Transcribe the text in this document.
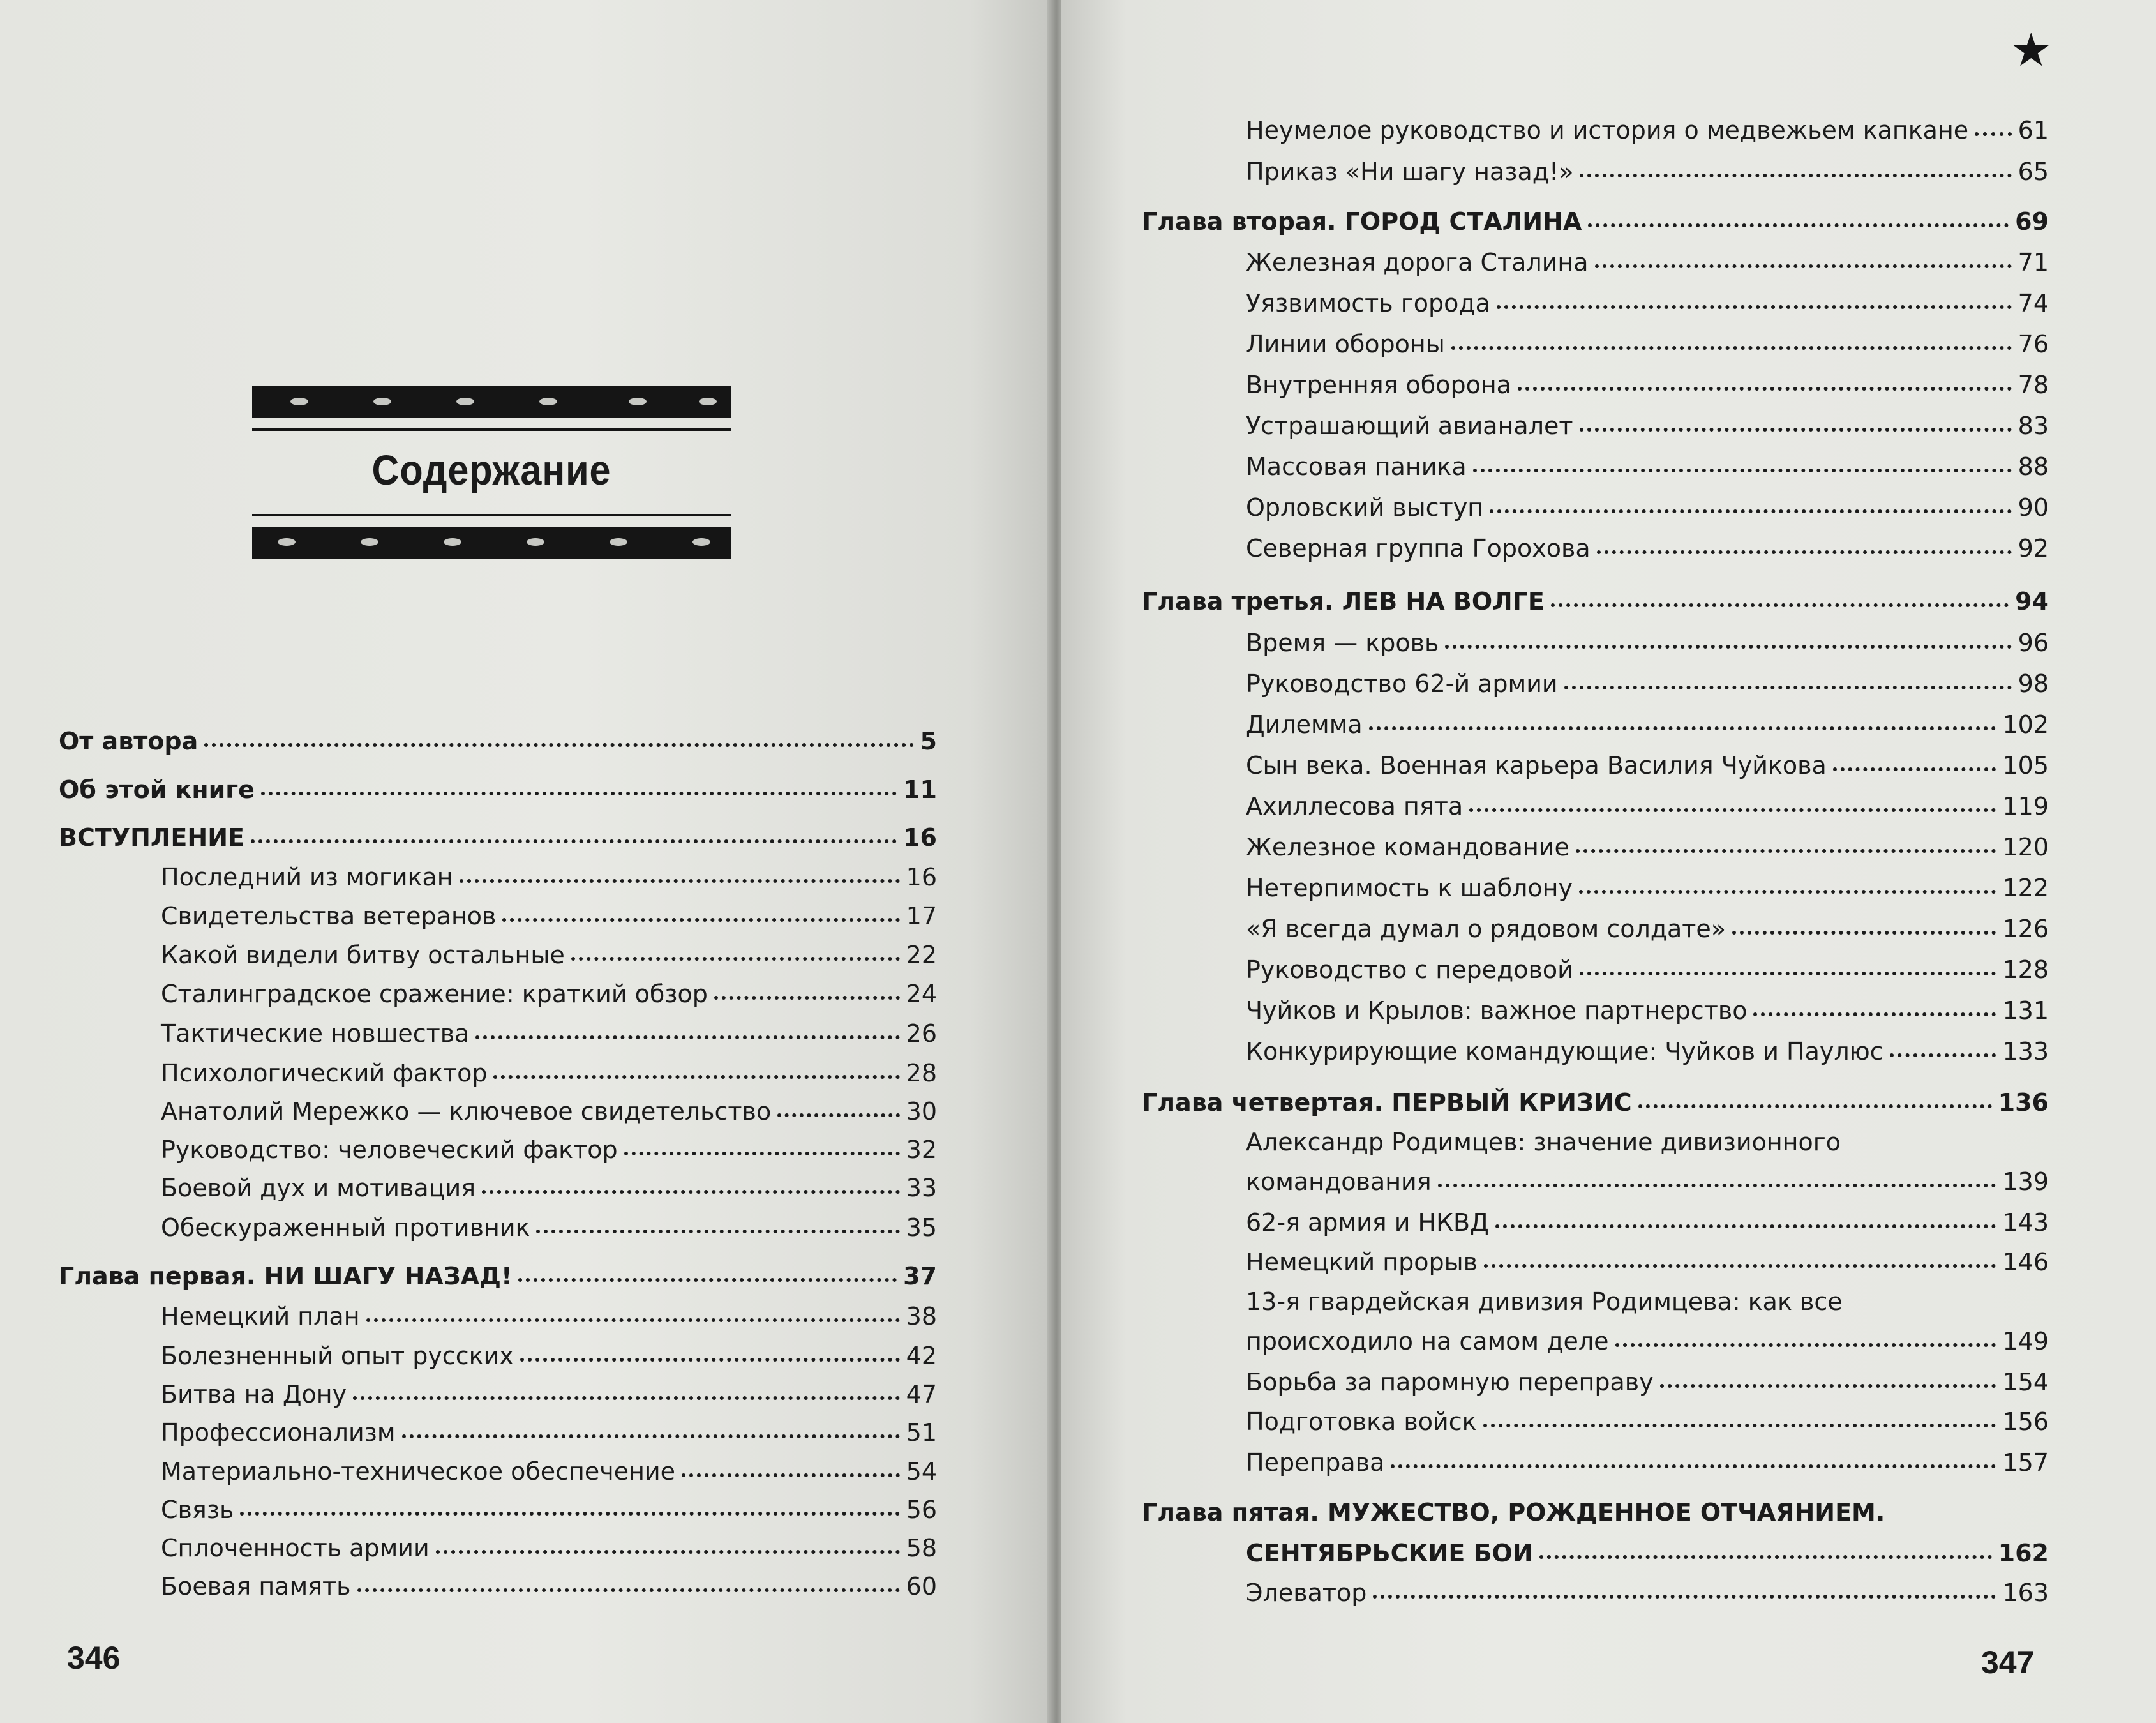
Содержание
От автора	5
Об этой книге	11
ВСТУПЛЕНИЕ	16
Последний из могикан	16
Свидетельства ветеранов	17
Какой видели битву остальные	22
Сталинградское сражение: краткий обзор	24
Тактические новшества	26
Психологический фактор	28
Анатолий Мережко — ключевое свидетельство	30
Руководство: человеческий фактор	32
Боевой дух и мотивация	33
Обескураженный противник	35
Глава первая. НИ ШАГУ НАЗАД!	37
Немецкий план	38
Болезненный опыт русских	42
Битва на Дону	47
Профессионализм	51
Материально-техническое обеспечение	54
Связь	56
Сплоченность армии	58
Боевая память	60
346
★
Неумелое руководство и история о медвежьем капкане 61
Приказ «Ни шагу назад!»	65
Глава вторая. ГОРОД СТАЛИНА	69
Железная дорога Сталина	71
Уязвимость города	74
Линии обороны	76
Внутренняя оборона	78
Устрашающий авианалет	83
Массовая паника	88
Орловский выступ	90
Северная группа Горохова	92
Глава третья. ЛЕВ НА ВОЛГЕ	94
Время — кровь	96
Руководство 62-й армии	98
Дилемма	102
Сын века. Военная карьера Василия Чуйкова	105
Ахиллесова пята	119
Железное командование	120
Нетерпимость к шаблону	122
«Я всегда думал о рядовом солдате»	126
Руководство с передовой	128
Чуйков и Крылов: важное партнерство	131
Конкурирующие командующие: Чуйков и Паулюс	133
Глава четвертая. ПЕРВЫЙ КРИЗИС	136
Александр Родимцев: значение дивизионного
командования	139
62-я армия и НКВД	143
Немецкий прорыв	146
13-я гвардейская дивизия Родимцева: как все
происходило на самом деле	149
Борьба за паромную переправу	154
Подготовка войск	156
Переправа	157
Глава пятая. МУЖЕСТВО, РОЖДЕННОЕ ОТЧАЯНИЕМ.
СЕНТЯБРЬСКИЕ БОИ	162
Элеватор	163
347
